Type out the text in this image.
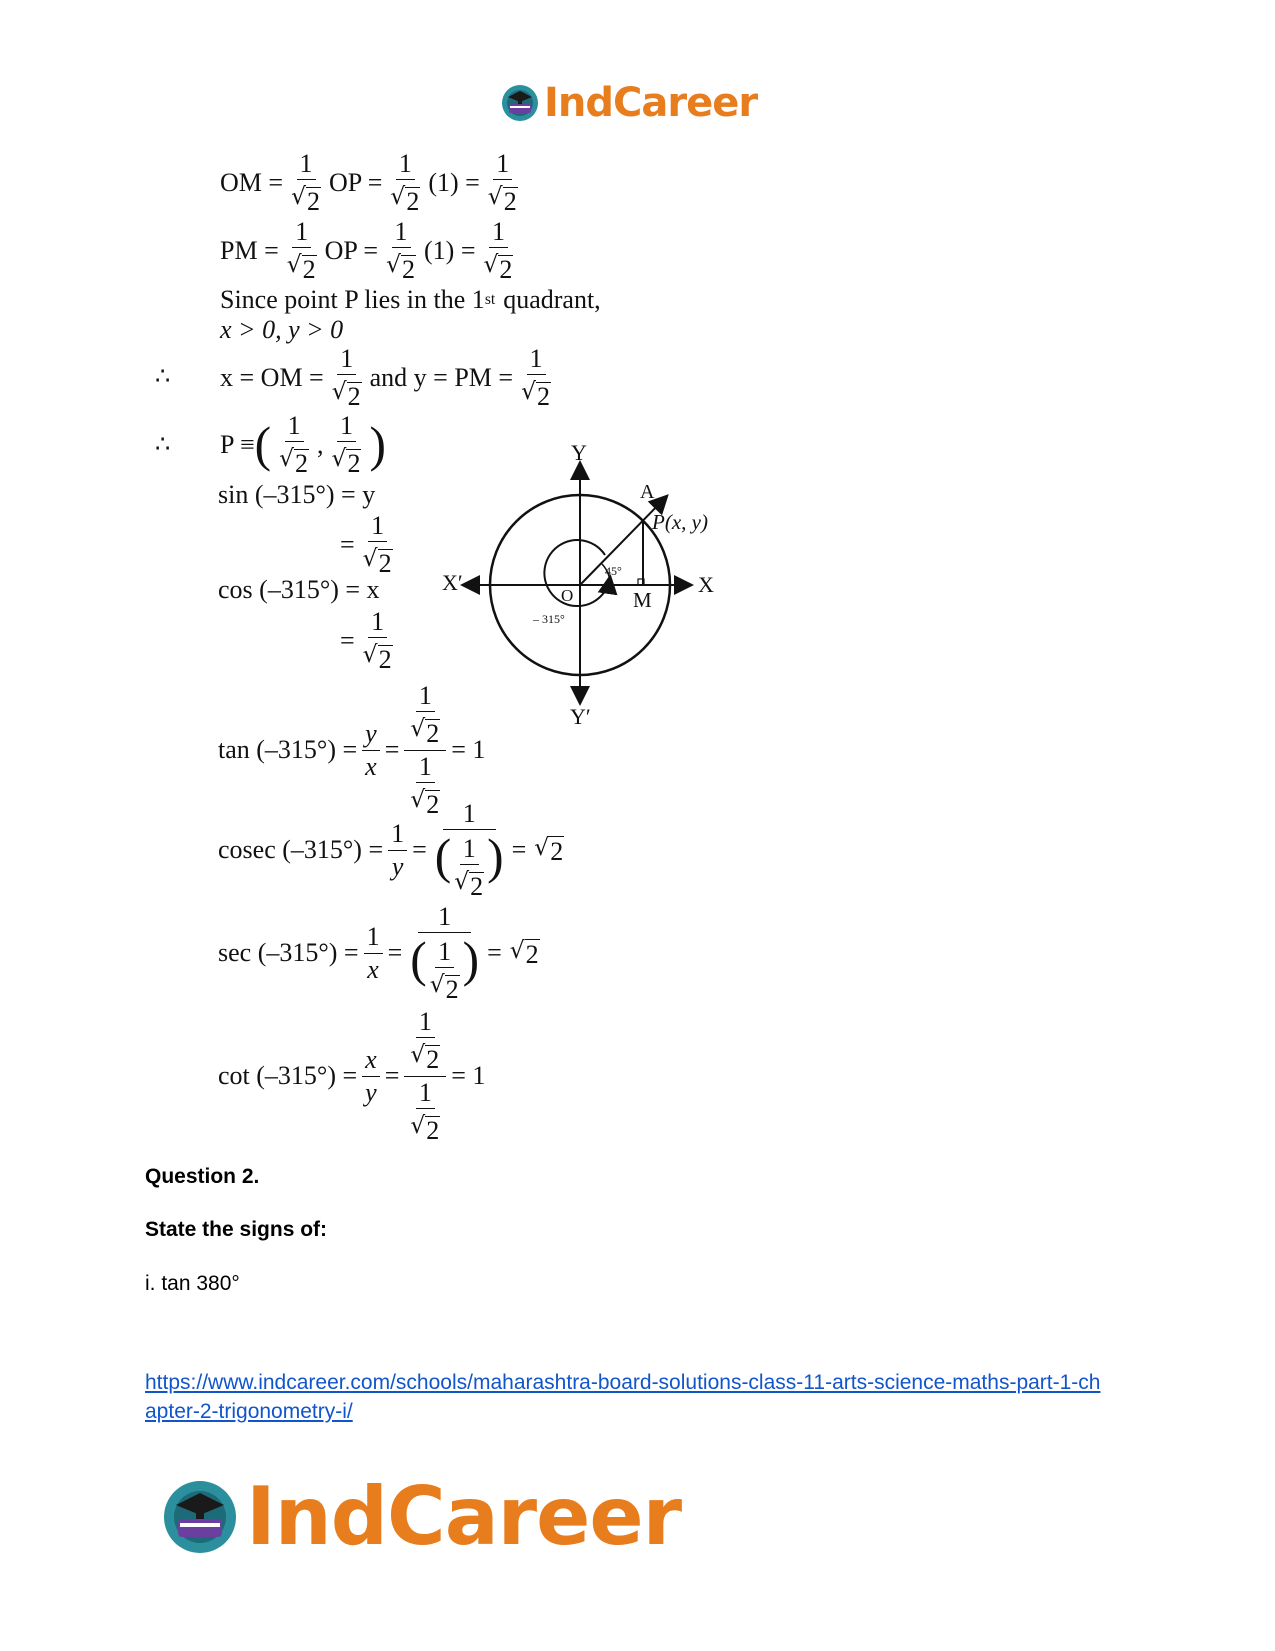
IndCareer
OM = $\frac{1}{√ 2}$ OP = $\frac{1}{√ 2} (1) = \frac{1}{√ 2}$
PM = $\frac{1}{√ 2}$ OP = $\frac{1}{√ 2} (1) = \frac{1}{√ 2}$
Since point P lies in the 1 st quadrant,
x > 0, y > 0
∴ x = OM = $\frac{1}{√ 2}$ and y = PM = $\frac{1}{√ 2}$
∴ P ≡ ( $\frac{1}{√ 2}$ , $\frac{1}{√ 2}$ )
sin (–315°) = y
= $\frac{1}{√ 2}$
cos (–315°) = x
= $\frac{1}{√ 2}$
$\tan (-315^\circ) = \frac{y}{x} = \frac{\frac{1}{√ 2}}{\frac{1}{√ 2}} = 1$
cosec $(-315^\circ) = \frac{1}{y} = \frac{1}{( \frac{1}{√ 2} )}$ = √ 2
$\sec (-315^\circ) = \frac{1}{x} = \frac{1}{( \frac{1}{√ 2} )}$ = √ 2
$\cot (-315^\circ) = \frac{x}{y} = \frac{\frac{1}{√ 2}}{\frac{1}{√ 2}} = 1$
Y
Y′
X
X′
A
P(x, y)
O	M
45°
– 315°
Question 2.
State the signs of:
i. tan 380°
https://www.indcareer.com/schools/maharashtra-board-solutions-class-11-arts-science-maths-part-1-chapter-2-trigonometry-i/
IndCareer
